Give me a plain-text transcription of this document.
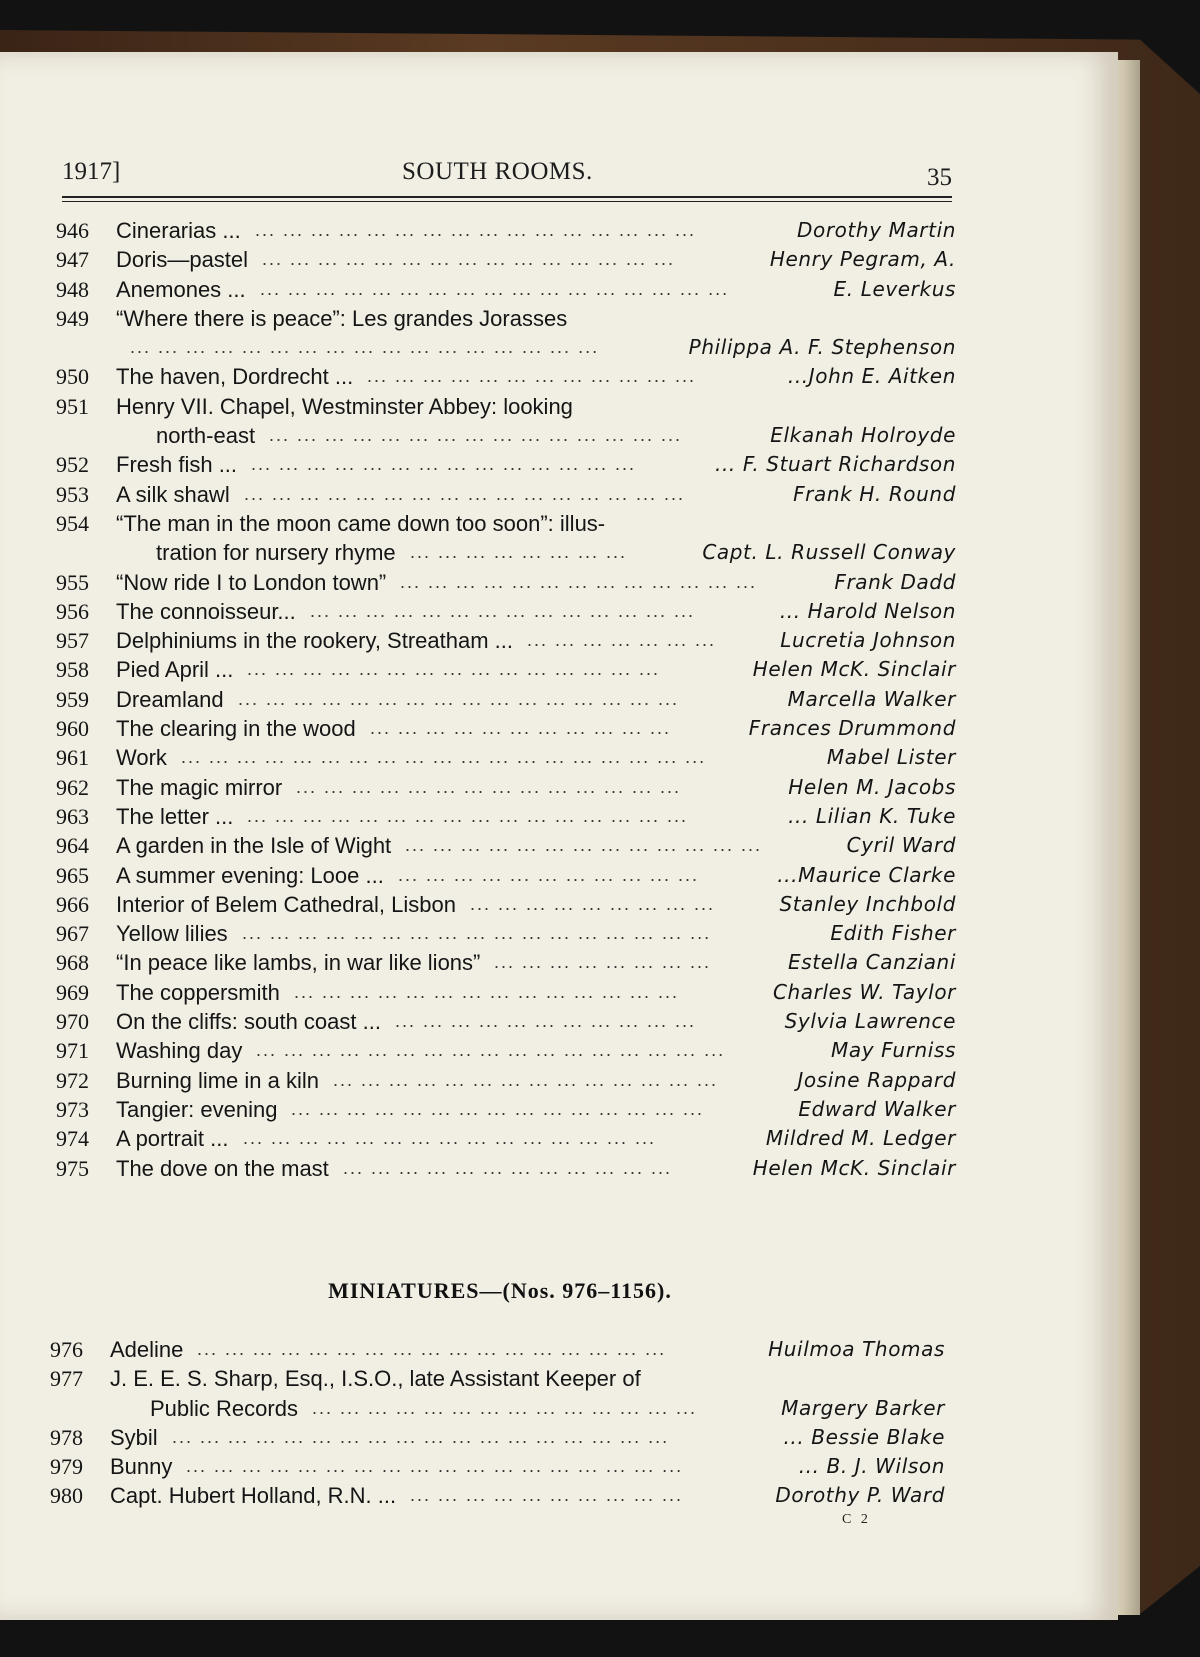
1917]	SOUTH ROOMS.	35
946	Cinerarias ... ... ... ... ... ... ... ... ... ... ... ... ... ... ... ... ...	Dorothy Martin
947	Doris—pastel ... ... ... ... ... ... ... ... ... ... ... ... ... ... ...	Henry Pegram, A.
948	Anemones ... ... ... ... ... ... ... ... ... ... ... ... ... ... ... ... ... ...	E. Leverkus
949	“Where there is peace”: Les grandes Jorasses
... ... ... ... ... ... ... ... ... ... ... ... ... ... ... ... ...	Philippa A. F. Stephenson
950	The haven, Dordrecht ... ... ... ... ... ... ... ... ... ... ... ... ...	...John E. Aitken
951	Henry VII. Chapel, Westminster Abbey: looking
north-east ... ... ... ... ... ... ... ... ... ... ... ... ... ... ...	Elkanah Holroyde
952	Fresh fish ... ... ... ... ... ... ... ... ... ... ... ... ... ... ...	... F. Stuart Richardson
953	A silk shawl ... ... ... ... ... ... ... ... ... ... ... ... ... ... ... ...	Frank H. Round
954	“The man in the moon came down too soon”: illus-
tration for nursery rhyme ... ... ... ... ... ... ... ...	Capt. L. Russell Conway
955	“Now ride I to London town” ... ... ... ... ... ... ... ... ... ... ... ... ...	Frank Dadd
956	The connoisseur... ... ... ... ... ... ... ... ... ... ... ... ... ... ...	... Harold Nelson
957	Delphiniums in the rookery, Streatham ... ... ... ... ... ... ... ...	Lucretia Johnson
958	Pied April ... ... ... ... ... ... ... ... ... ... ... ... ... ... ... ...	Helen McK. Sinclair
959	Dreamland ... ... ... ... ... ... ... ... ... ... ... ... ... ... ... ...	Marcella Walker
960	The clearing in the wood ... ... ... ... ... ... ... ... ... ... ...	Frances Drummond
961	Work ... ... ... ... ... ... ... ... ... ... ... ... ... ... ... ... ... ... ...	Mabel Lister
962	The magic mirror ... ... ... ... ... ... ... ... ... ... ... ... ... ...	Helen M. Jacobs
963	The letter ... ... ... ... ... ... ... ... ... ... ... ... ... ... ... ... ...	... Lilian K. Tuke
964	A garden in the Isle of Wight ... ... ... ... ... ... ... ... ... ... ... ... ...	Cyril Ward
965	A summer evening: Looe ... ... ... ... ... ... ... ... ... ... ... ...	...Maurice Clarke
966	Interior of Belem Cathedral, Lisbon ... ... ... ... ... ... ... ... ...	Stanley Inchbold
967	Yellow lilies ... ... ... ... ... ... ... ... ... ... ... ... ... ... ... ... ...	Edith Fisher
968	“In peace like lambs, in war like lions” ... ... ... ... ... ... ... ...	Estella Canziani
969	The coppersmith ... ... ... ... ... ... ... ... ... ... ... ... ... ...	Charles W. Taylor
970	On the cliffs: south coast ... ... ... ... ... ... ... ... ... ... ... ...	Sylvia Lawrence
971	Washing day ... ... ... ... ... ... ... ... ... ... ... ... ... ... ... ... ...	May Furniss
972	Burning lime in a kiln ... ... ... ... ... ... ... ... ... ... ... ... ... ...	Josine Rappard
973	Tangier: evening ... ... ... ... ... ... ... ... ... ... ... ... ... ... ...	Edward Walker
974	A portrait ... ... ... ... ... ... ... ... ... ... ... ... ... ... ... ...	Mildred M. Ledger
975	The dove on the mast ... ... ... ... ... ... ... ... ... ... ... ...	Helen McK. Sinclair
MINIATURES—(Nos. 976–1156).
976	Adeline ... ... ... ... ... ... ... ... ... ... ... ... ... ... ... ... ...	Huilmoa Thomas
977	J. E. E. S. Sharp, Esq., I.S.O., late Assistant Keeper of
Public Records ... ... ... ... ... ... ... ... ... ... ... ... ... ...	Margery Barker
978	Sybil ... ... ... ... ... ... ... ... ... ... ... ... ... ... ... ... ... ...	... Bessie Blake
979	Bunny ... ... ... ... ... ... ... ... ... ... ... ... ... ... ... ... ... ...	... B. J. Wilson
980	Capt. Hubert Holland, R.N. ... ... ... ... ... ... ... ... ... ... ...	Dorothy P. Ward
C 2
